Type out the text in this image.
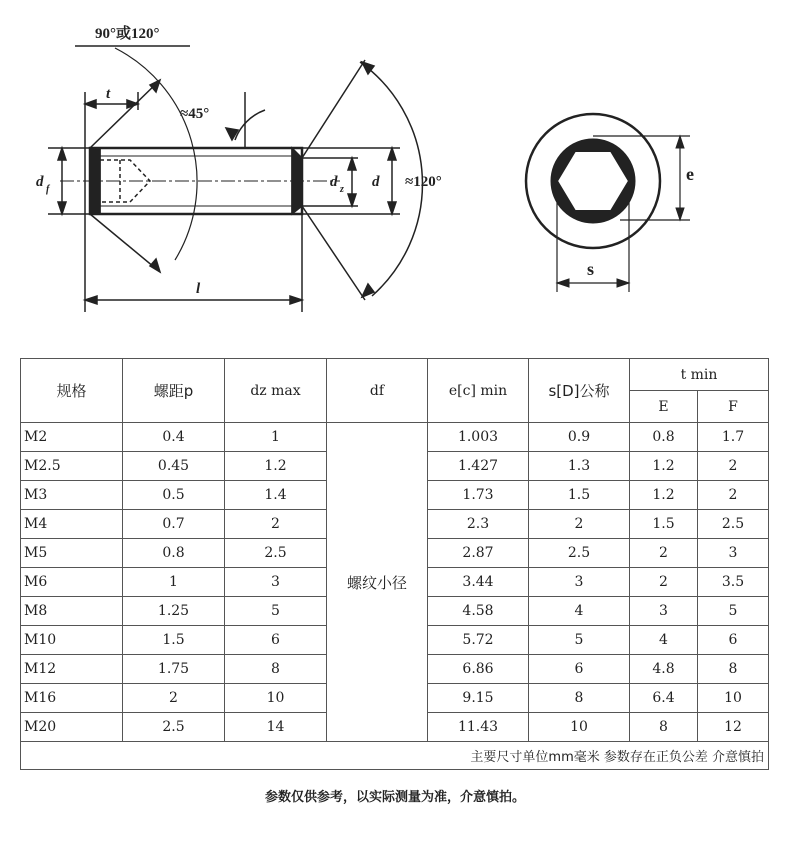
90°或120°
≈45°
≈120°
t
d f	d z d
l
e
s
规格	螺距p	dz max	df	e[c] min	s[D]公称	t min	
						E	F
M2	0.4	1	螺纹小径	1.003	0.9	0.8	1.7
M2.5	0.45	1.2		1.427	1.3	1.2	2
M3	0.5	1.4		1.73	1.5	1.2	2
M4	0.7	2		2.3	2	1.5	2.5
M5	0.8	2.5		2.87	2.5	2	3
M6	1	3		3.44	3	2	3.5
M8	1.25	5		4.58	4	3	5
M10	1.5	6		5.72	5	4	6
M12	1.75	8		6.86	6	4.8	8
M16	2	10		9.15	8	6.4	10
M20	2.5	14		11.43	10	8	12
主要尺寸单位mm毫米 参数存在正负公差 介意慎拍							
参数仅供参考，以实际测量为准，介意慎拍。
